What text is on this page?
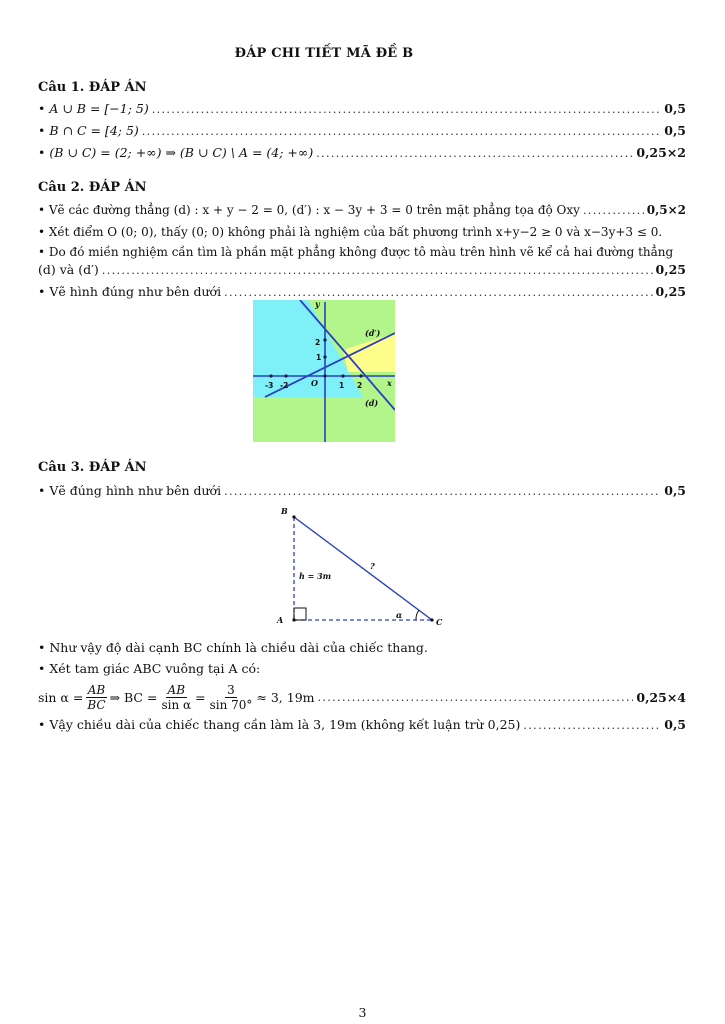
ĐÁP CHI TIẾT MÃ ĐỀ B
Câu 1. ĐÁP ÁN
• A ∪ B = [−1; 5) .....	0,5
• B ∩ C = [4; 5) .....	0,5
• (B ∪ C) = (2; +∞) ⇒ (B ∪ C) \ A = (4; +∞) .....	0,25×2
Câu 2. ĐÁP ÁN
• Vẽ các đường thẳng (d) : x + y − 2 = 0, (d′) : x − 3y + 3 = 0 trên mặt phẳng tọa độ Oxy .....	0,5×2
• Xét điểm O (0; 0), thấy (0; 0) không phải là nghiệm của bất phương trình x+y−2 ≥ 0 và x−3y+3 ≤ 0.
• Do đó miền nghiệm cần tìm là phần mặt phẳng không được tô màu trên hình vẽ kể cả hai đường thẳng
(d) và (d′) .....	0,25
• Vẽ hình đúng như bên dưới .....	0,25
Câu 3. ĐÁP ÁN
• Vẽ đúng hình như bên dưới .....	0,5
• Như vậy độ dài cạnh BC chính là chiều dài của chiếc thang.
• Xét tam giác ABC vuông tại A có:
$\sin \alpha = \frac{AB}{BC}$ ⇒ BC = $\frac{AB}{\text{sin α}} = \frac{3}{\sin 70^\circ} \approx 3$, 19m .....	0,25×4
• Vậy chiều dài của chiếc thang cần làm là 3, 19m (không kết luận trừ 0,25) .....	0,5
x
y
O
(d)
(d′)
-3 -2	1 2
2
1
B
A	C
h = 3m
?
α
3
